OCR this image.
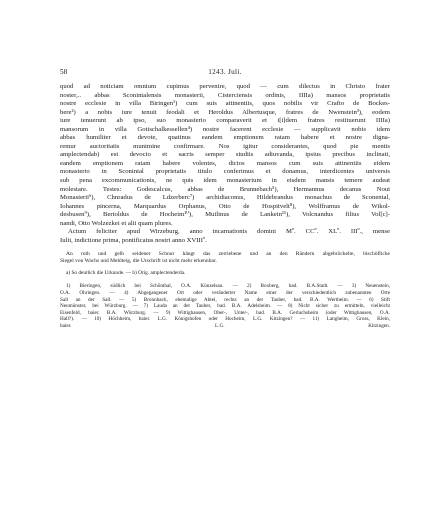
58	1243. Juli.

quod ad noticiam omnium cupimus pervenire, quod — cum dilectus in Christo frater
noster,.. abbas Sconintalensis monasterii, Cisterciensis ordinis, IIIIa) mansos proprietatis
nostre ecclesie in villa Biringen¹) cum suis attinentiis, quos nobilis vir Crafto de Bockes-
bere²) a nobis iure tenuit feodali et Heroldus Albertusque, fratres de Nwenstein³), eodem
iure tenuerunt ab ipso, suo monasterio comparaverit et i[i]dem fratres restituerunt IIIIa)
mansorum in villa Gotischalkessellen⁴) nostre facerent ecclesie — supplicavit nobis idem
abbas humiliter et devote, quatinus eandem emptionem ratam habere et nostre digna-
remur auctoritatis munimine confirmare. Nos igitur considerantes, quod pie mentis
amplectendab) est devocio et sacris semper studiis adiuvanda, ipsius precibus inclinati,
eandem emptionem ratam habere volentes, dictos mansos cum suis attinentiis eidem
monasterio in Sconintal proprietatis titulo conferimus et donamus, interdicentes universis
sub pena excommunicationis, ne quis idem monasterium in eisdem mansis temere audeat
molestare. Testes: Godescalcus, abbas de Brunnebach⁵), Hermannus decanus Noui
Monasterii⁶), Chnradus de Ldzerberc⁷) archidiaconus, Hildebrandus monachus de Sconental,
Iohannes pincerna, Marquardus Orphanus, Otto de Hospitvelt⁸), Wolfframus de Wikol-
desbusen⁹), Bertoldus de Hocheim¹⁰), Muilinus de Lankein¹¹), Volcnandus filius Vol[c]-
nandi, Otto Wolzezkei et alii quam plures.

Actum feliciter apud Wirzeburg, anno incarnationis domini Mº. CCº. XLº. IIIº., mense
Iulii, indictione prima, pontificatus nostri anno XVIIIº.

An roth und gelb seidener Schnur hängt das zerriebene und an den Rändern abgebröckelte, bischöfliche
Siegel von Wachs und Mehlteig, die Urschrift ist nicht mehr erkennbar.
a) So deutlich die Urkunde. — b) Orig. amplectenderda.
1) Bieringen, südlich bei Schönthal, O.A. Künzelsau. — 2) Boxberg, bad. B.A.Stadt. — 3) Neuenstein,
O.A. Öhringen. — 4) Abgegangener Ort oder veränderter Name einer der verschiedentlich zubenannten Orte
Sall an der Sall. — 5) Bronnbach, ehemalige Abtei, rechts an der Tauber, bad. B.A. Wertheim. — 6) Stift
Neumünster, bei Würzburg. — 7) Lauda an der Tauber, bad. B.A. Adelsheim. — 8) Nicht sicher zu ermitteln, vielleicht
Eisenfeld, baier. B.A. Würzburg. — 9) Wittighausen, Ober-, Unter-, bad. B.A. Gerlachsheim (oder Wittighausen, O.A.
Hall?). — 10) Höchheim, baier. L.G. Königshofen oder Hocheim, L.G. Kitzingen? — 11) Langheim, Gross, Klein,
baier. L.G. Kitzingen.
